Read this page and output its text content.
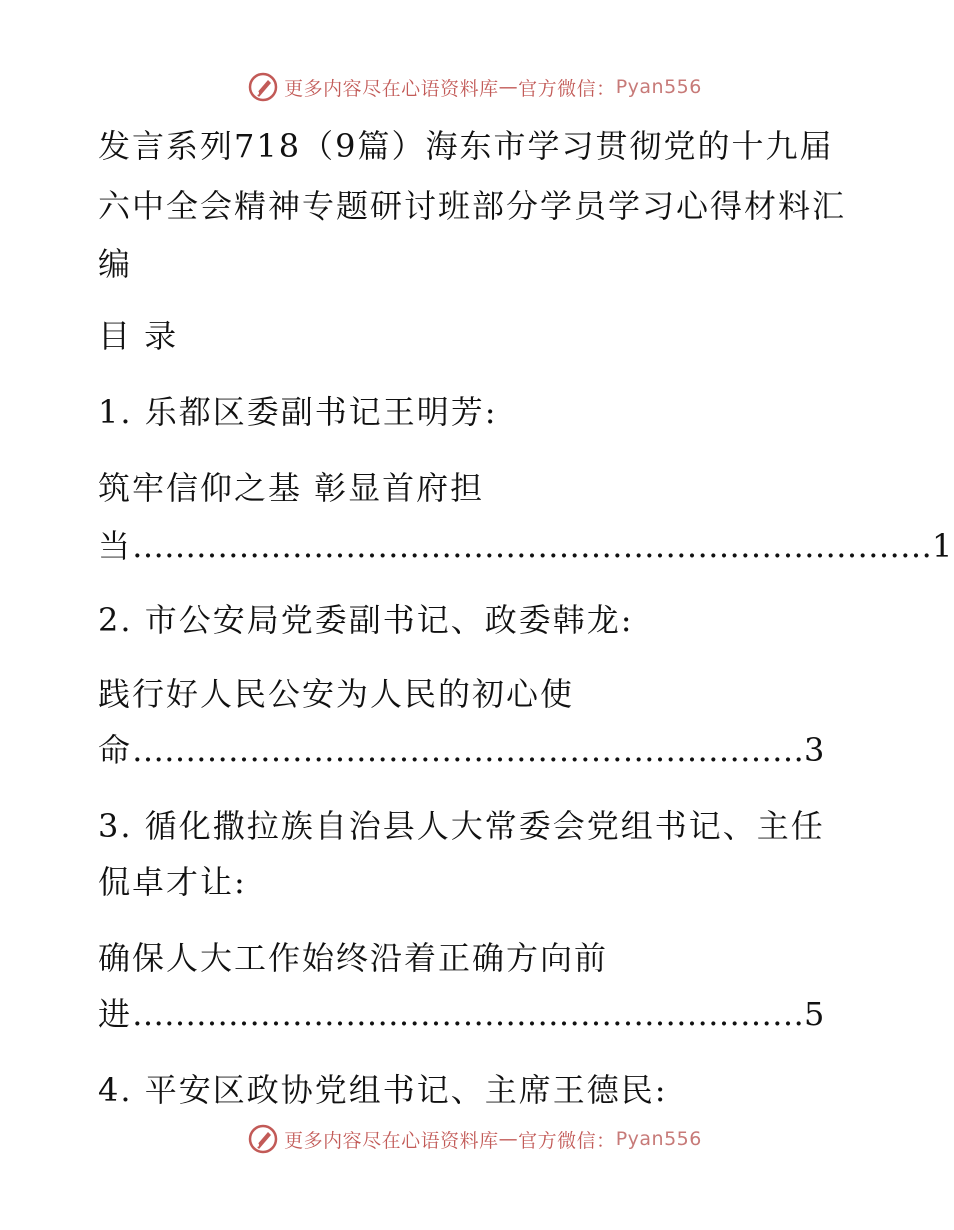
更多内容尽在心语资料库 — 官方微信： Pyan556
发言系列718（9篇）海东市学习贯彻党的十九届
六中全会精神专题研讨班部分学员学习心得材料汇
编
目 录
1. 乐都区委副书记王明芳:
筑牢信仰之基 彰显首府担
当…………………………………………………………………1
2. 市公安局党委副书记、政委韩龙:
践行好人民公安为人民的初心使
命………………………………………………………3
3. 循化撒拉族自治县人大常委会党组书记、主任
侃卓才让:
确保人大工作始终沿着正确方向前
进………………………………………………………5
4. 平安区政协党组书记、主席王德民:
更多内容尽在心语资料库 — 官方微信： Pyan556
